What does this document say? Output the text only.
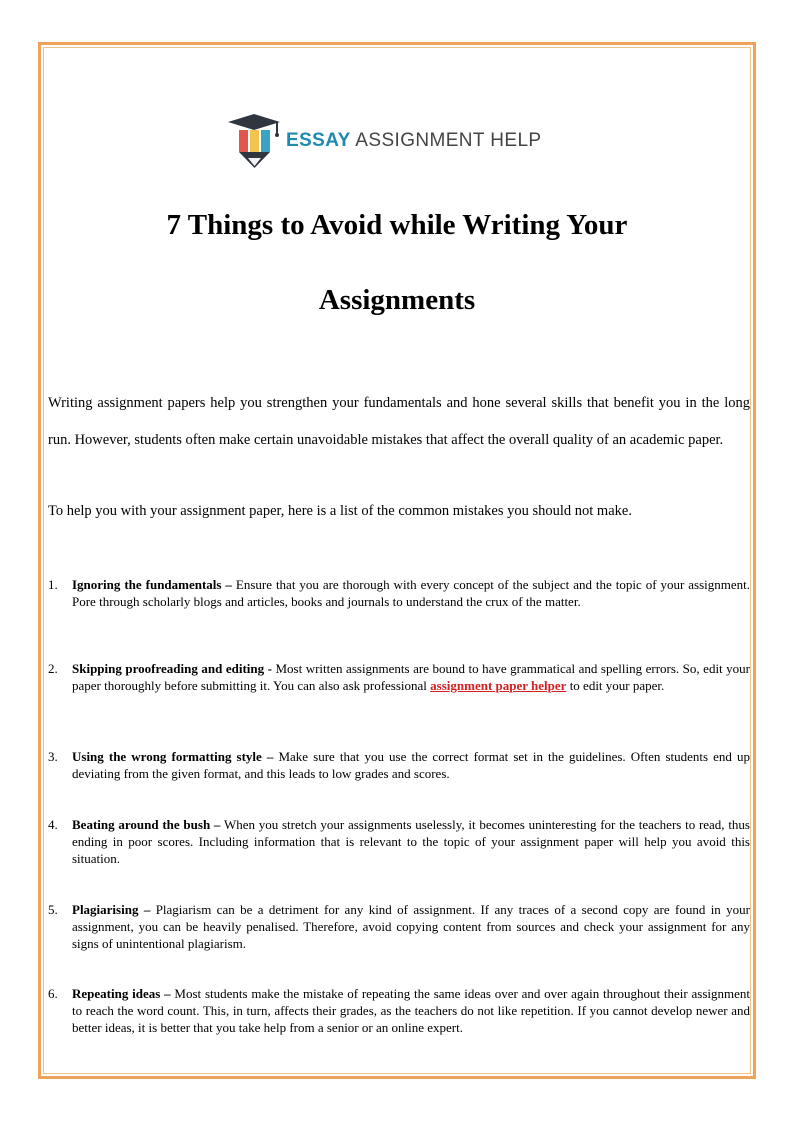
ESSAY ASSIGNMENT HELP
7 Things to Avoid while Writing Your
Assignments

Writing assignment papers help you strengthen your fundamentals and hone several skills that benefit you in the long run. However, students often make certain unavoidable mistakes that affect the overall quality of an academic paper.

To help you with your assignment paper, here is a list of the common mistakes you should not make.

1.	Ignoring the fundamentals – Ensure that you are thorough with every concept of the subject and the topic of your assignment. Pore through scholarly blogs and articles, books and journals to understand the crux of the matter.
2.	Skipping proofreading and editing - Most written assignments are bound to have grammatical and spelling errors. So, edit your paper thoroughly before submitting it. You can also ask professional assignment paper helper to edit your paper.
3.	Using the wrong formatting style – Make sure that you use the correct format set in the guidelines. Often students end up deviating from the given format, and this leads to low grades and scores.
4.	Beating around the bush – When you stretch your assignments uselessly, it becomes uninteresting for the teachers to read, thus ending in poor scores. Including information that is relevant to the topic of your assignment paper will help you avoid this situation.
5.	Plagiarising – Plagiarism can be a detriment for any kind of assignment. If any traces of a second copy are found in your assignment, you can be heavily penalised. Therefore, avoid copying content from sources and check your assignment for any signs of unintentional plagiarism.
6.	Repeating ideas – Most students make the mistake of repeating the same ideas over and over again throughout their assignment to reach the word count. This, in turn, affects their grades, as the teachers do not like repetition. If you cannot develop newer and better ideas, it is better that you take help from a senior or an online expert.
